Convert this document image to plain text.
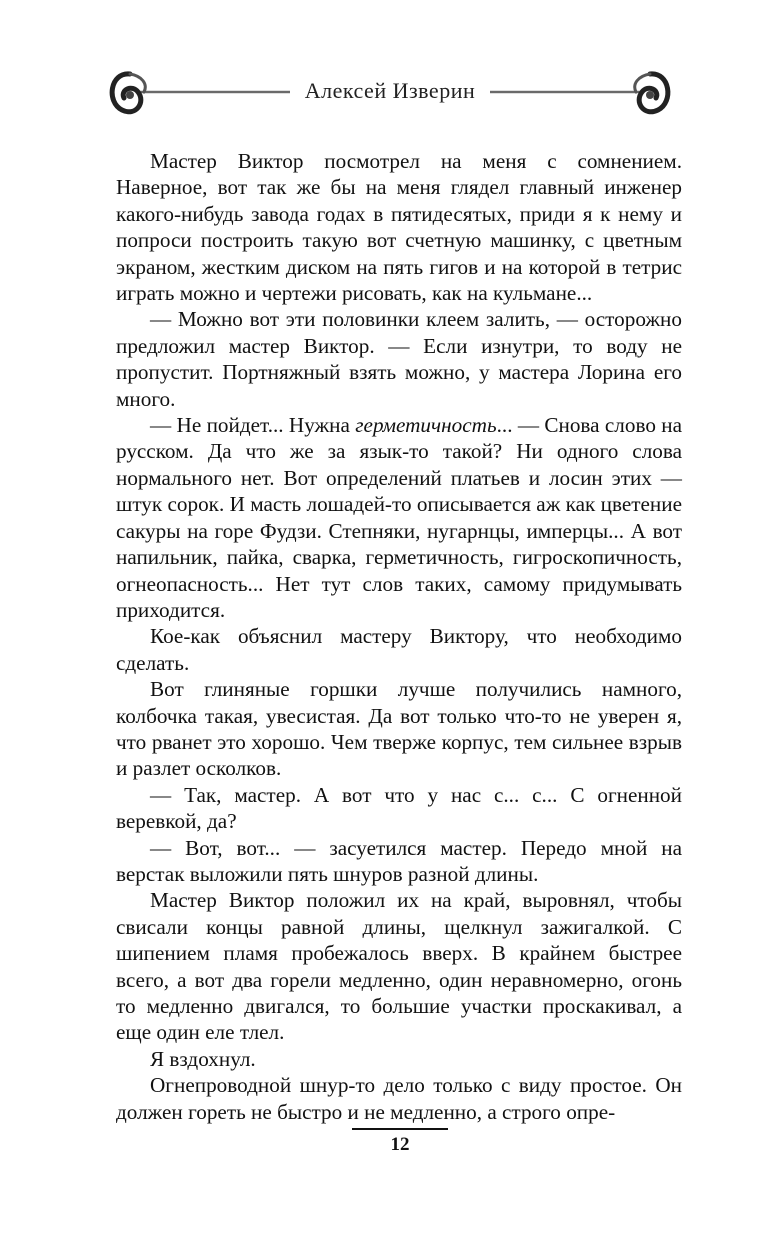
Алексей Изверин

Мастер Виктор посмотрел на меня с сомнением. Наверное, вот так же бы на меня глядел главный инженер какого-нибудь завода годах в пятидесятых, приди я к нему и попроси построить такую вот счетную машинку, с цветным экраном, жестким диском на пять гигов и на которой в тетрис играть можно и чертежи рисовать, как на кульмане...

— Можно вот эти половинки клеем залить, — осторожно предложил мастер Виктор. — Если изнутри, то воду не пропустит. Портняжный взять можно, у мастера Лорина его много.

— Не пойдет... Нужна герметичность... — Снова слово на русском. Да что же за язык-то такой? Ни одного слова нормального нет. Вот определений платьев и лосин этих — штук сорок. И масть лошадей-то описывается аж как цветение сакуры на горе Фудзи. Степняки, нугарнцы, имперцы... А вот напильник, пайка, сварка, герметичность, гигроскопичность, огнеопасность... Нет тут слов таких, самому придумывать приходится.

Кое-как объяснил мастеру Виктору, что необходимо сделать.

Вот глиняные горшки лучше получились намного, колбочка такая, увесистая. Да вот только что-то не уверен я, что рванет это хорошо. Чем тверже корпус, тем сильнее взрыв и разлет осколков.

— Так, мастер. А вот что у нас с... с... С огненной веревкой, да?

— Вот, вот... — засуетился мастер. Передо мной на верстак выложили пять шнуров разной длины.

Мастер Виктор положил их на край, выровнял, чтобы свисали концы равной длины, щелкнул зажигалкой. С шипением пламя пробежалось вверх. В крайнем быстрее всего, а вот два горели медленно, один неравномерно, огонь то медленно двигался, то большие участки проскакивал, а еще один еле тлел.

Я вздохнул.

Огнепроводной шнур-то дело только с виду простое. Он должен гореть не быстро и не медленно, а строго опре-

12
